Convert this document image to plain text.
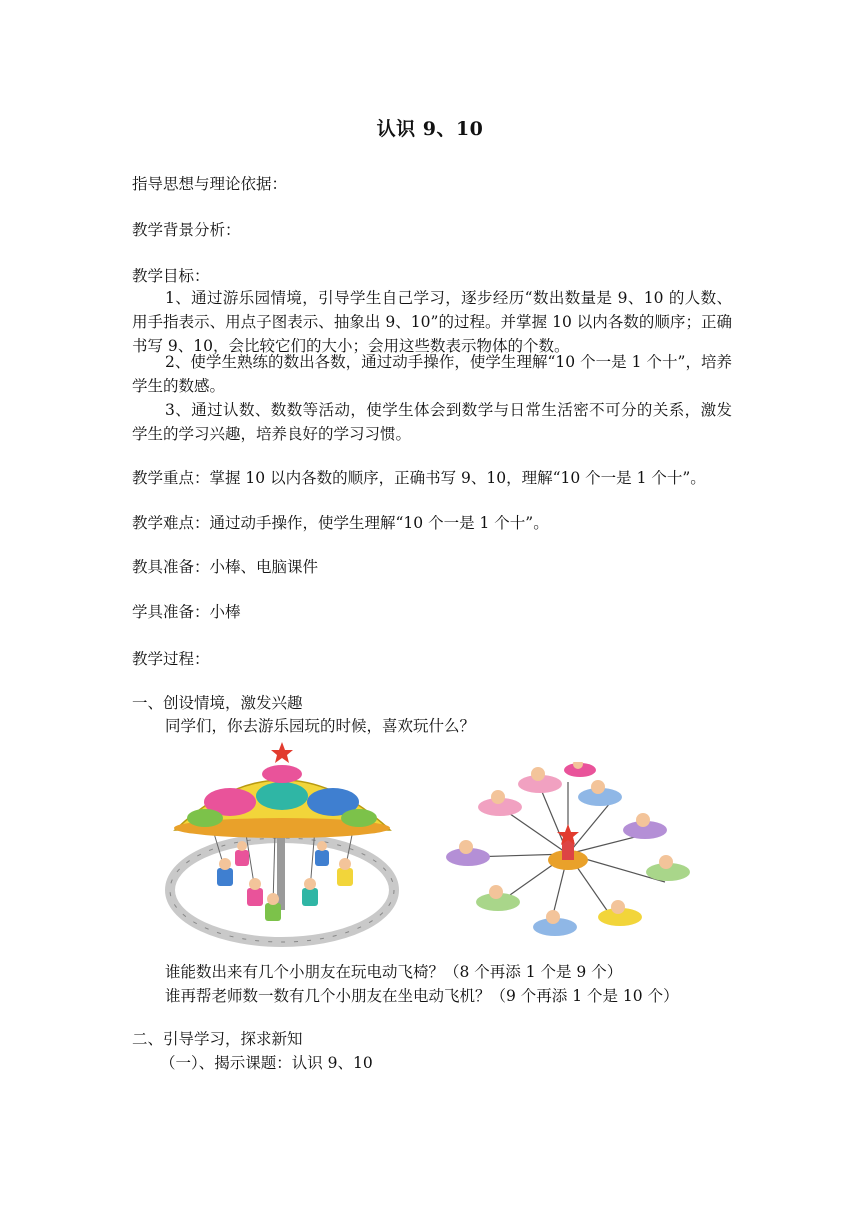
认识 9、10
指导思想与理论依据：
教学背景分析：
教学目标：
1、通过游乐园情境，引导学生自己学习，逐步经历“数出数量是 9、10 的人数、用手指表示、用点子图表示、抽象出 9、10”的过程。并掌握 10 以内各数的顺序；正确书写 9、10，会比较它们的大小；会用这些数表示物体的个数。
2、使学生熟练的数出各数，通过动手操作，使学生理解“10 个一是 1 个十”，培养学生的数感。
3、通过认数、数数等活动，使学生体会到数学与日常生活密不可分的关系，激发学生的学习兴趣，培养良好的学习习惯。
教学重点：掌握 10 以内各数的顺序，正确书写 9、10，理解“10 个一是 1 个十”。
教学难点：通过动手操作，使学生理解“10 个一是 1 个十”。
教具准备：小棒、电脑课件
学具准备：小棒
教学过程：
一、创设情境，激发兴趣
同学们，你去游乐园玩的时候，喜欢玩什么？
谁能数出来有几个小朋友在玩电动飞椅？（8 个再添 1 个是 9 个）
谁再帮老师数一数有几个小朋友在坐电动飞机？（9 个再添 1 个是 10 个）
二、引导学习，探求新知
（一）、揭示课题：认识 9、10
